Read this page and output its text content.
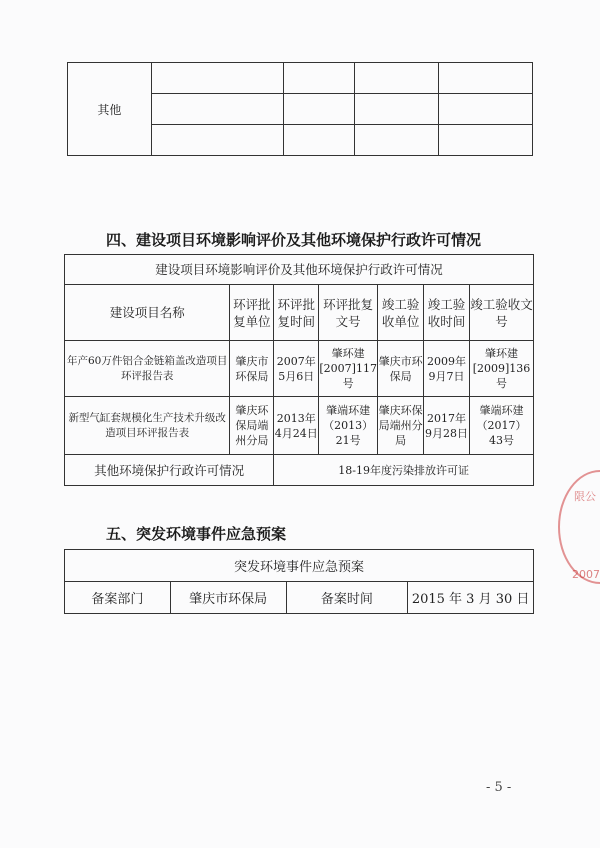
其他				

四、建设项目环境影响评价及其他环境保护行政许可情况
建设项目环境影响评价及其他环境保护行政许可情况						
建设项目名称	环评批复单位	环评批复时间	环评批复文号	竣工验收单位	竣工验收时间	竣工验收文号
年产60万件铝合金链箱盖改造项目环评报告表	肇庆市环保局	2007年5月6日	肇环建[2007]117号	肇庆市环保局	2009年9月7日	肇环建[2009]136号
新型气缸套规模化生产技术升级改造项目环评报告表	肇庆环保局端州分局	2013年4月24日	肇端环建（2013）21号	肇庆环保局端州分局	2017年9月28日	肇端环建（2017）43号
其他环境保护行政许可情况		18-19年度污染排放许可证				
五、突发环境事件应急预案
突发环境事件应急预案
备案部门	肇庆市环保局	备案时间	2015 年 3 月 30 日
限公
2007
- 5 -
